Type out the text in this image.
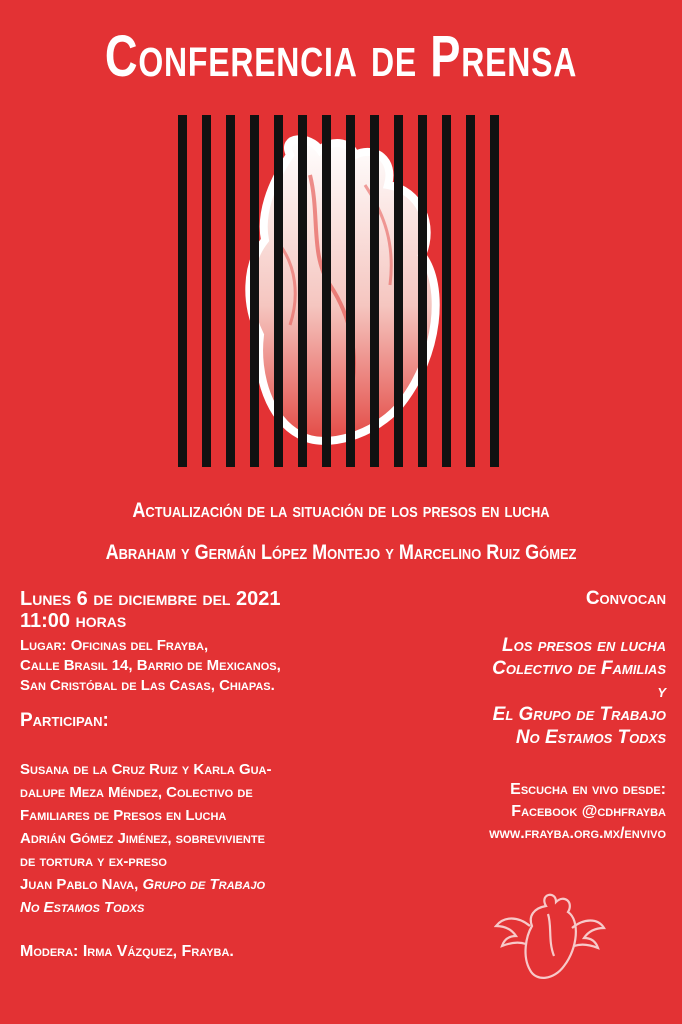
Conferencia de Prensa
Actualización de la situación de los presos en lucha
Abraham y Germán López Montejo y Marcelino Ruiz Gómez
Lunes 6 de diciembre del 2021
11:00 horas
Lugar: Oficinas del Frayba,
Calle Brasil 14, Barrio de Mexicanos,
San Cristóbal de Las Casas, Chiapas.
Participan:

Susana de la Cruz Ruiz y Karla Gua-

dalupe Meza Méndez, Colectivo de

Familiares de Presos en Lucha

Adrián Gómez Jiménez, sobreviviente

de tortura y ex-preso

Juan Pablo Nava, Grupo de Trabajo

No Estamos Todxs

Modera: Irma Vázquez, Frayba.
Convocan
Los presos en lucha
Colectivo de Familias
y
El Grupo de Trabajo
No Estamos Todxs
Escucha en vivo desde:
Facebook @cdhfrayba
www.frayba.org.mx/envivo
